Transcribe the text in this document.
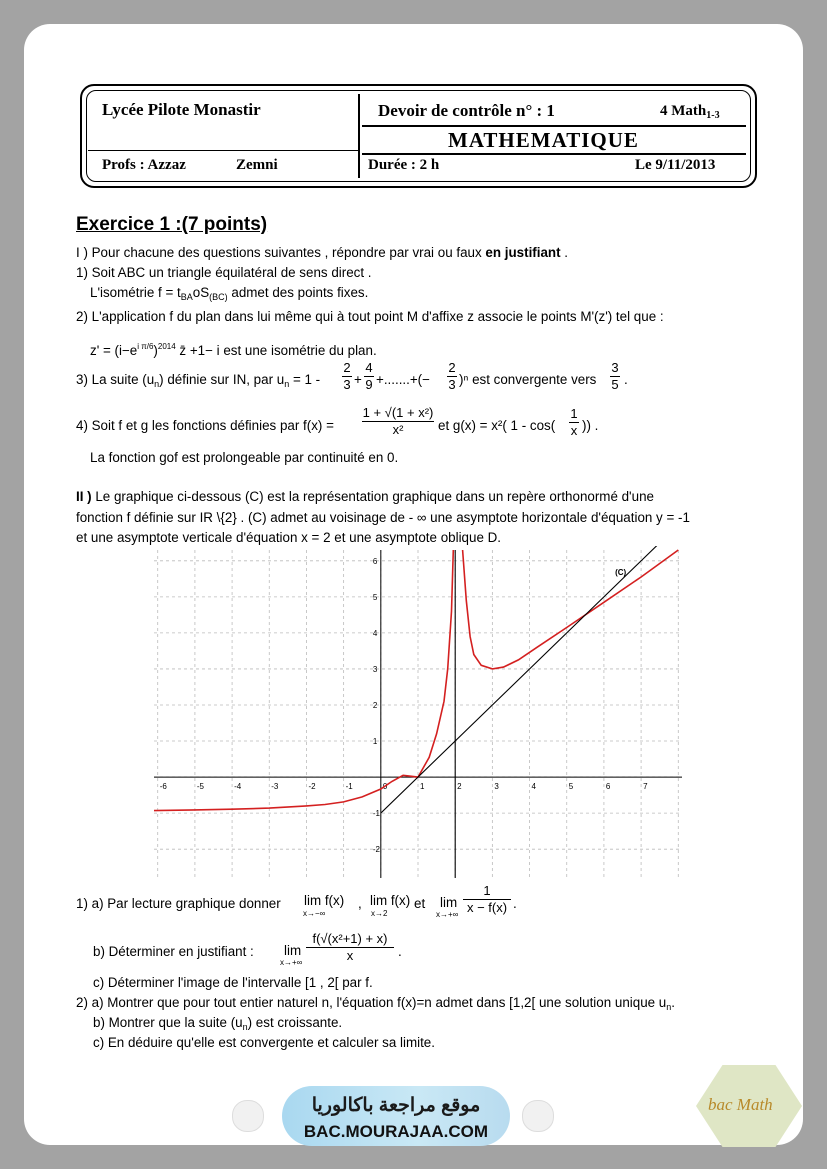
Lycée Pilote Monastir
Profs : Azzaz	Zemni
Devoir de contrôle n° : 1	4 Math$_{1-3}$
MATHEMATIQUE
Durée : 2 h	Le 9/11/2013
Exercice 1 :(7 points)
I ) Pour chacune des questions suivantes , répondre par vrai ou faux en justifiant .
1) Soit ABC un triangle équilatéral de sens direct .
L'isométrie $f = t_{BA}oS_{(BC)}$ admet des points fixes.
2) L'application f du plan dans lui même qui à tout point M d'affixe z associe le points M'(z') tel que :
$z' = (i-e^{i \pi/6})^{2014}$ z̄ +1− i est une isométrie du plan.
3) La suite $(u_n)$ définie sur IN, par $u_n = 1$ -
2
3 +
4
9 +.......+(−
2
3 )ⁿ est convergente vers
3
5 .
4) Soit f et g les fonctions définies par f(x) =
1 + √(1 + x²)
x²	et g(x) = x²( 1 - cos(
1
x )) .
La fonction gof est prolongeable par continuité en 0.
II ) Le graphique ci-dessous (C) est la représentation graphique dans un repère orthonormé d'une
fonction f définie sur IR \{2} . (C) admet au voisinage de - ∞ une asymptote horizontale d'équation y = -1
et une asymptote verticale d'équation x = 2 et une asymptote oblique D.
-6	-5	-4	-3	-2	-1	0	1	2	3	4	5	6	7
-2
-1
1
2
3
4
5
6
(C)
1) a) Par lecture graphique donner lim f(x)
x→−∞
, lim f(x)
x→2
et lim
x→+∞
1
x − f(x) .
b) Déterminer en justifiant : lim
x→+∞
f(√(x²+1) + x)
x	.
c) Déterminer l'image de l'intervalle [1 , 2[ par f.
2) a) Montrer que pour tout entier naturel n, l'équation f(x)=n admet dans [1,2[ une solution unique $u_n$.
b) Montrer que la suite $(u_n)$ est croissante.
c) En déduire qu'elle est convergente et calculer sa limite.
موقع مراجعة باكالوريا
BAC.MOURAJAA.COM
bac Math
